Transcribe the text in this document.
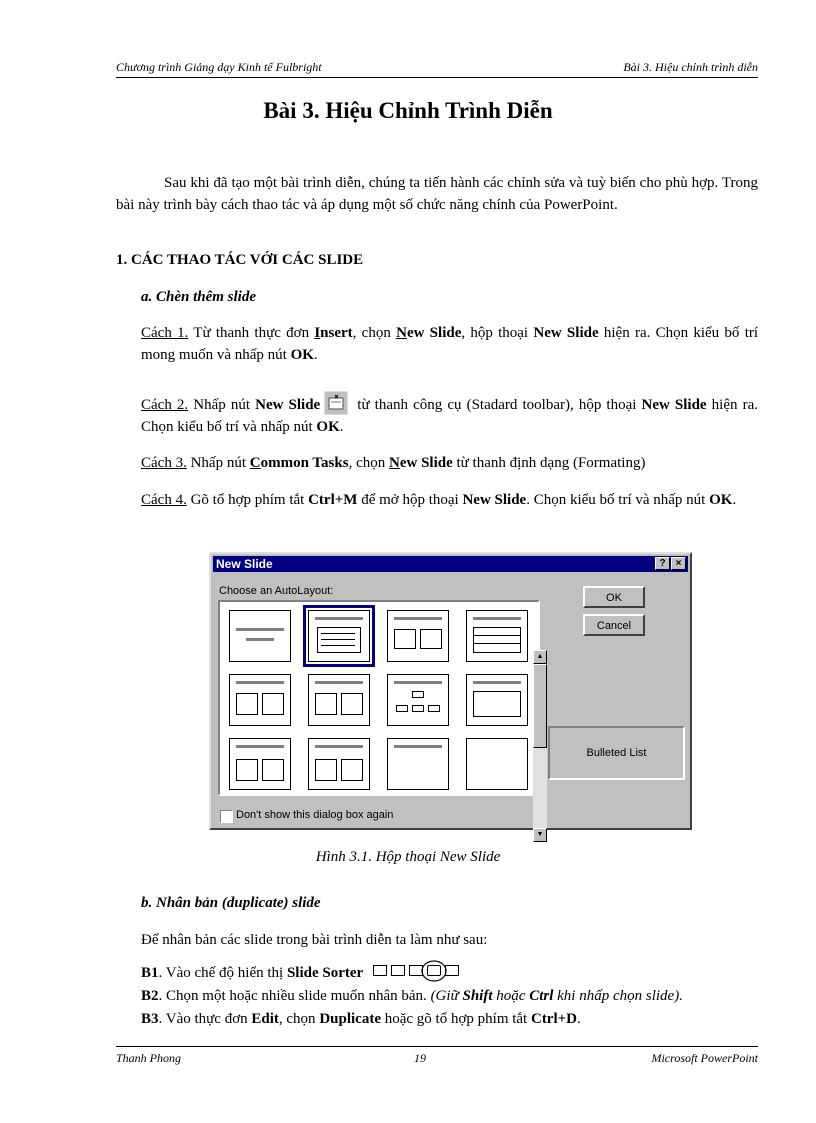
Chương trình Giảng dạy Kinh tế Fulbright	Bài 3. Hiệu chỉnh trình diễn
Bài 3. Hiệu Chỉnh Trình Diễn
Sau khi đã tạo một bài trình diễn, chúng ta tiến hành các chỉnh sửa và tuỳ biến cho phù hợp. Trong bài này trình bày cách thao tác và áp dụng một số chức năng chính của PowerPoint.
1. CÁC THAO TÁC VỚI CÁC SLIDE
a. Chèn thêm slide
Cách 1. Từ thanh thực đơn Insert, chọn New Slide, hộp thoại New Slide hiện ra. Chọn kiểu bố trí mong muốn và nhấp nút OK.
Cách 2. Nhấp nút New Slide từ thanh công cụ (Stadard toolbar), hộp thoại New Slide hiện ra. Chọn kiểu bố trí và nhấp nút OK.
Cách 3. Nhấp nút Common Tasks, chọn New Slide từ thanh định dạng (Formating)
Cách 4. Gõ tổ hợp phím tắt Ctrl+M để mở hộp thoại New Slide. Chọn kiểu bố trí và nhấp nút OK.
New Slide	?	×
Choose an AutoLayout:
▲
▼
OK
Cancel
Bulleted List
Don't show this dialog box again
Hình 3.1. Hộp thoại New Slide
b. Nhân bản (duplicate) slide
Để nhân bản các slide trong bài trình diễn ta làm như sau:
B1. Vào chế độ hiển thị Slide Sorter
B2. Chọn một hoặc nhiều slide muốn nhân bản. (Giữ Shift hoặc Ctrl khi nhấp chọn slide).
B3. Vào thực đơn Edit, chọn Duplicate hoặc gõ tổ hợp phím tắt Ctrl+D.
Thanh Phong	19	Microsoft PowerPoint
